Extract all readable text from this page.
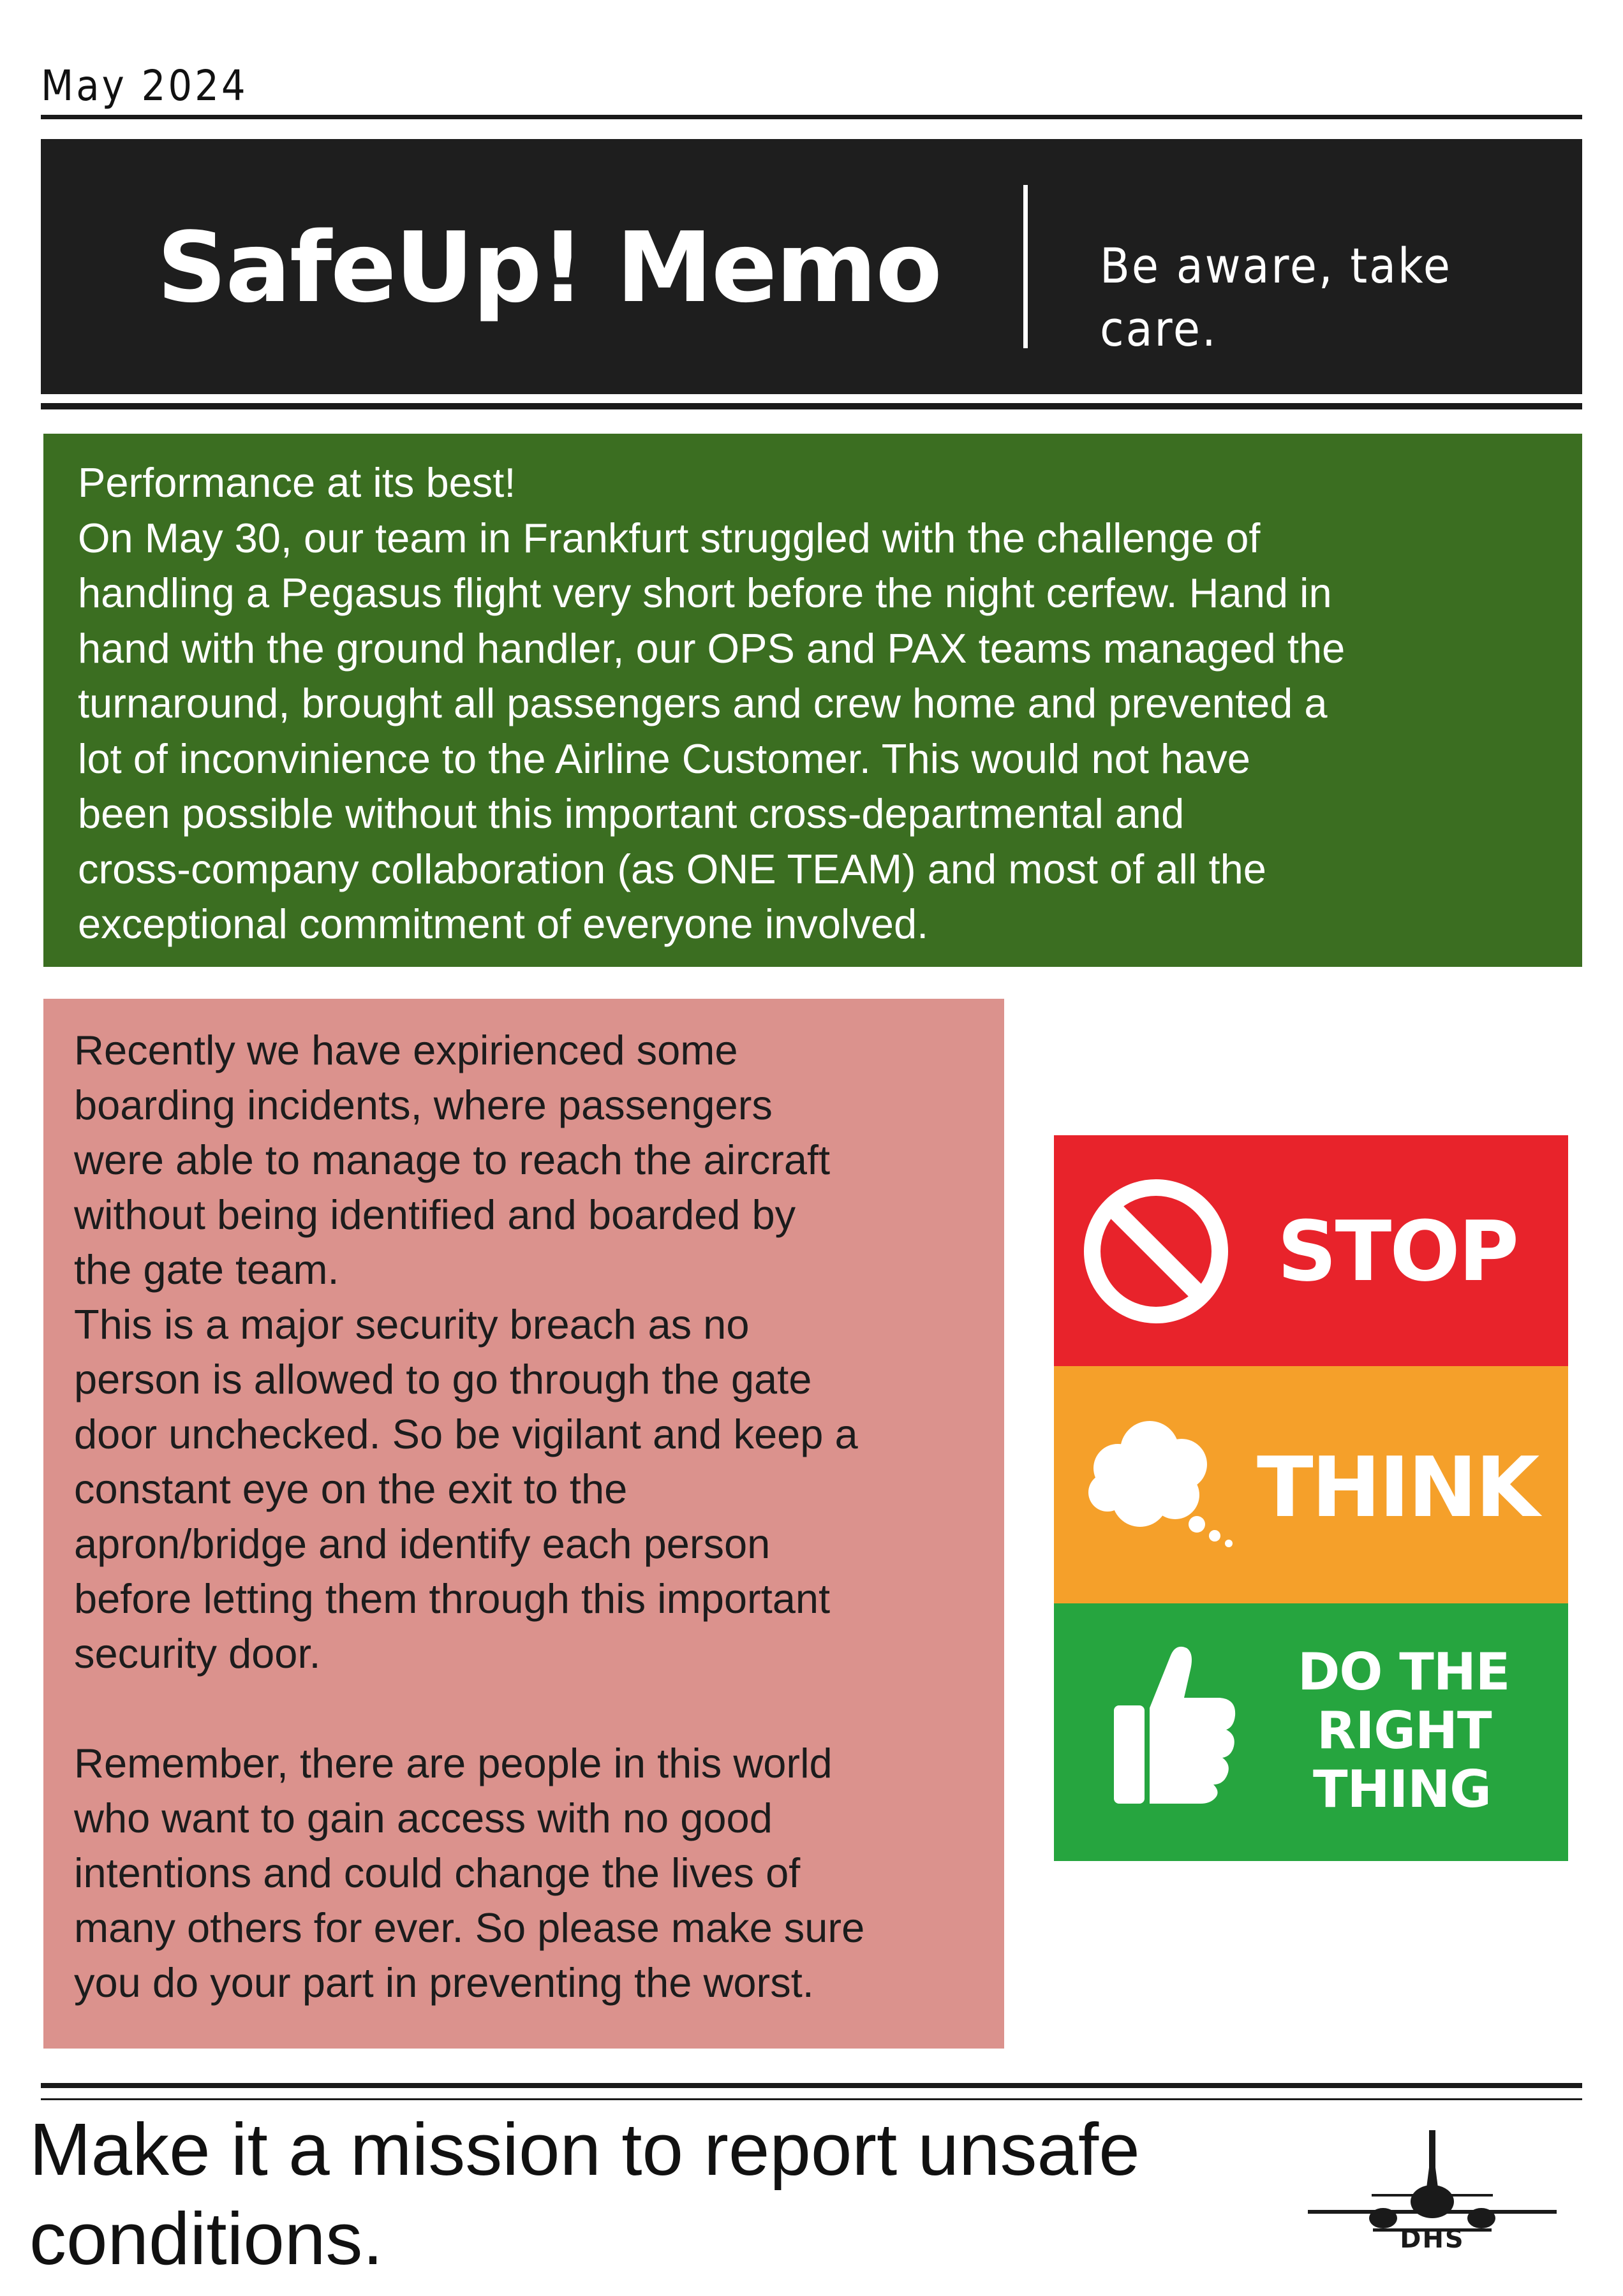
May 2024
SafeUp! Memo	Be aware, take care.
Performance at its best!
On May 30, our team in Frankfurt struggled with the challenge of
handling a Pegasus flight very short before the night cerfew. Hand in
hand with the ground handler, our OPS and PAX teams managed the
turnaround, brought all passengers and crew home and prevented a
lot of inconvinience to the Airline Customer. This would not have
been possible without this important cross-departmental and
cross-company collaboration (as ONE TEAM) and most of all the
exceptional commitment of everyone involved.
Recently we have expirienced some
boarding incidents, where passengers
were able to manage to reach the aircraft
without being identified and boarded by
the gate team.
This is a major security breach as no
person is allowed to go through the gate
door unchecked. So be vigilant and keep a
constant eye on the exit to the
apron/bridge and identify each person
before letting them through this important
security door.

Remember, there are people in this world
who want to gain access with no good
intentions and could change the lives of
many others for ever. So please make sure
you do your part in preventing the worst.
STOP
THINK
DO THE
RIGHT
THING
Make it a mission to report unsafe
conditions.	DHS
